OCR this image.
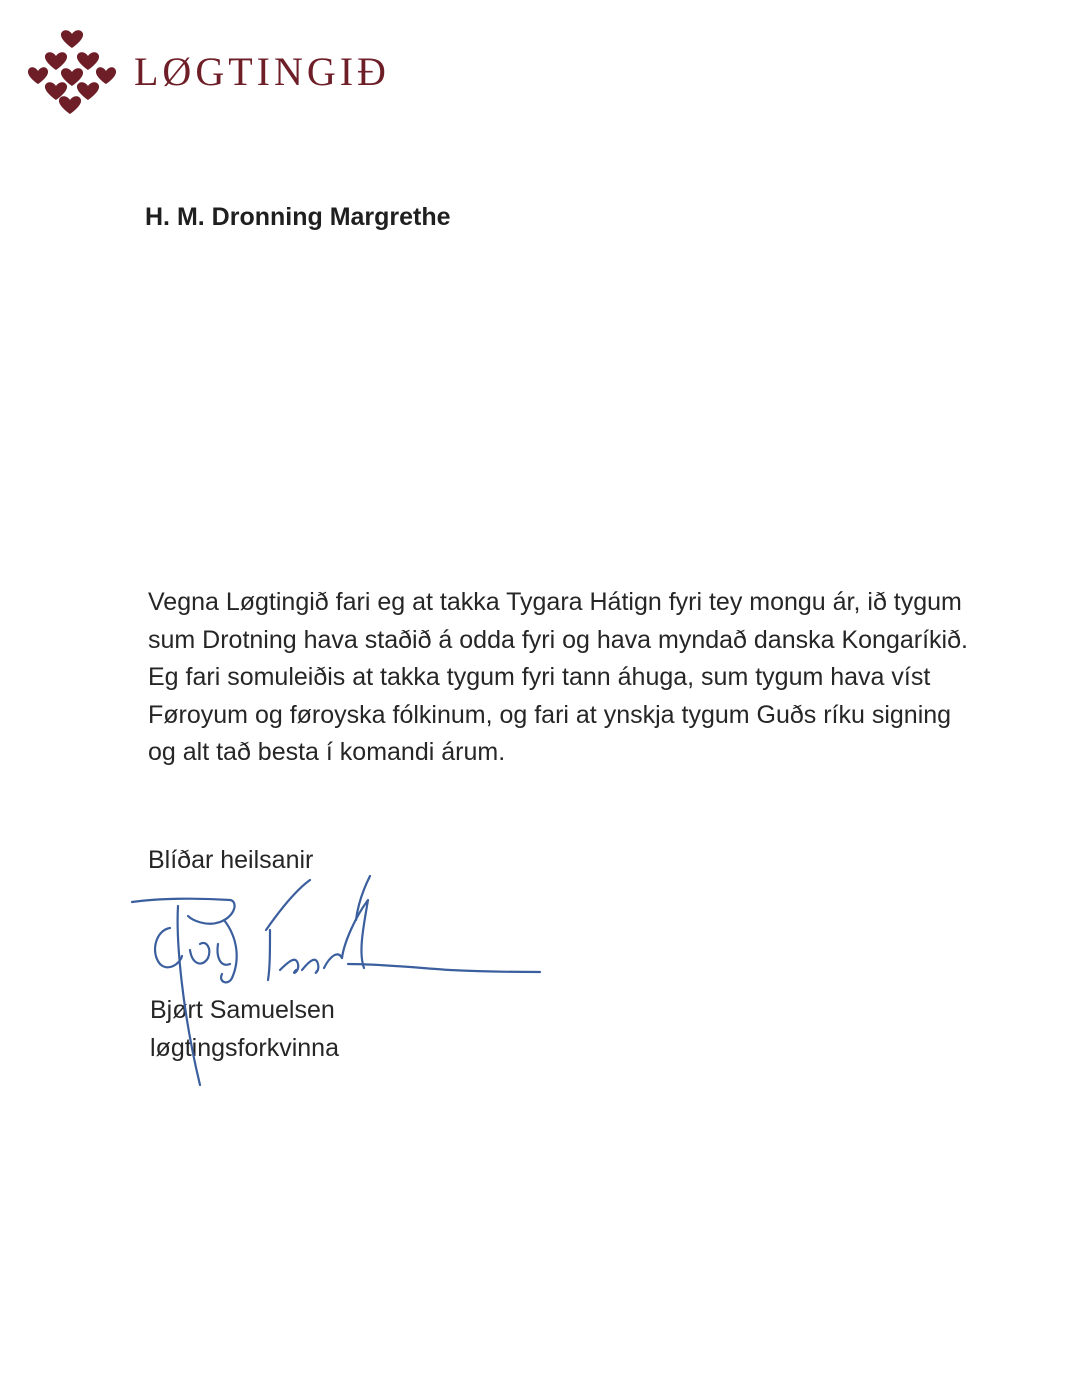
LØGTINGIÐ
H. M. Dronning Margrethe
Vegna Løgtingið fari eg at takka Tygara Hátign fyri tey mongu ár, ið tygum
sum Drotning hava staðið á odda fyri og hava myndað danska Kongaríkið.
Eg fari somuleiðis at takka tygum fyri tann áhuga, sum tygum hava víst
Føroyum og føroyska fólkinum, og fari at ynskja tygum Guðs ríku signing
og alt tað besta í komandi árum.
Blíðar heilsanir
Bjørt Samuelsen
løgtingsforkvinna
